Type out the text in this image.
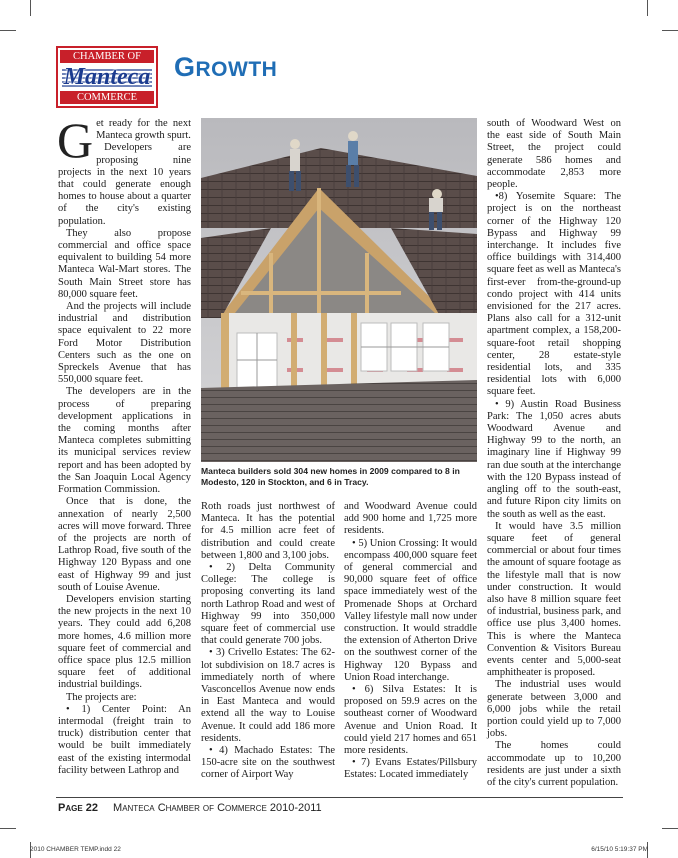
CHAMBER OF
Manteca
COMMERCE
GROWTH

Get ready for the next Manteca growth spurt.

Developers are proposing nine projects in the next 10 years that could generate enough homes to house about a quarter of the city's existing population.

They also propose commercial and office space equivalent to building 54 more Manteca Wal-Mart stores. The South Main Street store has 80,000 square feet.

And the projects will include industrial and distribution space equivalent to 22 more Ford Motor Distribution Centers such as the one on Spreckels Avenue that has 550,000 square feet.

The developers are in the process of preparing development applications in the coming months after Manteca completes submitting its municipal services review report and has been adopted by the San Joaquin Local Agency Formation Commission.

Once that is done, the annexation of nearly 2,500 acres will move forward. Three of the projects are north of Lathrop Road, five south of the Highway 120 Bypass and one east of Highway 99 and just south of Louise Avenue.

Developers envision starting the new projects in the next 10 years. They could add 6,208 more homes, 4.6 million more square feet of commercial and office space plus 12.5 million square feet of additional industrial buildings.

The projects are:

• 1) Center Point: An intermodal (freight train to truck) distribution center that would be built immediately east of the existing intermodal facility between Lathrop and

Manteca builders sold 304 new homes in 2009 compared to 8 in Modesto, 120 in Stockton, and 6 in Tracy.

Roth roads just northwest of Manteca. It has the potential for 4.5 million acre feet of distribution and could create between 1,800 and 3,100 jobs.

• 2) Delta Community College: The college is proposing converting its land north Lathrop Road and west of Highway 99 into 350,000 square feet of commercial use that could generate 700 jobs.

• 3) Crivello Estates: The 62-lot subdivision on 18.7 acres is immediately north of where Vasconcellos Avenue now ends in East Manteca and would extend all the way to Louise Avenue. It could add 186 more residents.

• 4) Machado Estates: The 150-acre site on the southwest corner of Airport Way

and Woodward Avenue could add 900 home and 1,725 more residents.

• 5) Union Crossing: It would encompass 400,000 square feet of general commercial and 90,000 square feet of office space immediately west of the Promenade Shops at Orchard Valley lifestyle mall now under construction. It would straddle the extension of Atherton Drive on the southwest corner of the Highway 120 Bypass and Union Road interchange.

• 6) Silva Estates: It is proposed on 59.9 acres on the southeast corner of Woodward Avenue and Union Road. It could yield 217 homes and 651 more residents.

• 7) Evans Estates/Pillsbury Estates: Located immediately

south of Woodward West on the east side of South Main Street, the project could generate 586 homes and accommodate 2,853 more people.

•8) Yosemite Square: The project is on the northeast corner of the Highway 120 Bypass and Highway 99 interchange. It includes five office buildings with 314,400 square feet as well as Manteca's first-ever from-the-ground-up condo project with 414 units envisioned for the 217 acres. Plans also call for a 312-unit apartment complex, a 158,200-square-foot retail shopping center, 28 estate-style residential lots, and 335 residential lots with 6,000 square feet.

• 9) Austin Road Business Park: The 1,050 acres abuts Woodward Avenue and Highway 99 to the north, an imaginary line if Highway 99 ran due south at the interchange with the 120 Bypass instead of angling off to the south-east, and future Ripon city limits on the south as well as the east.

It would have 3.5 million square feet of general commercial or about four times the amount of square footage as the lifestyle mall that is now under construction. It would also have 8 million square feet of industrial, business park, and office use plus 3,400 homes. This is where the Manteca Convention & Visitors Bureau events center and 5,000-seat amphitheater is proposed.

The industrial uses would generate between 3,000 and 6,000 jobs while the retail portion could yield up to 7,000 jobs.

The homes could accommodate up to 10,200 residents are just under a sixth of the city's current population.

Page 22 Manteca Chamber of Commerce 2010-2011
2010 CHAMBER TEMP.indd 22	6/15/10 5:19:37 PM
